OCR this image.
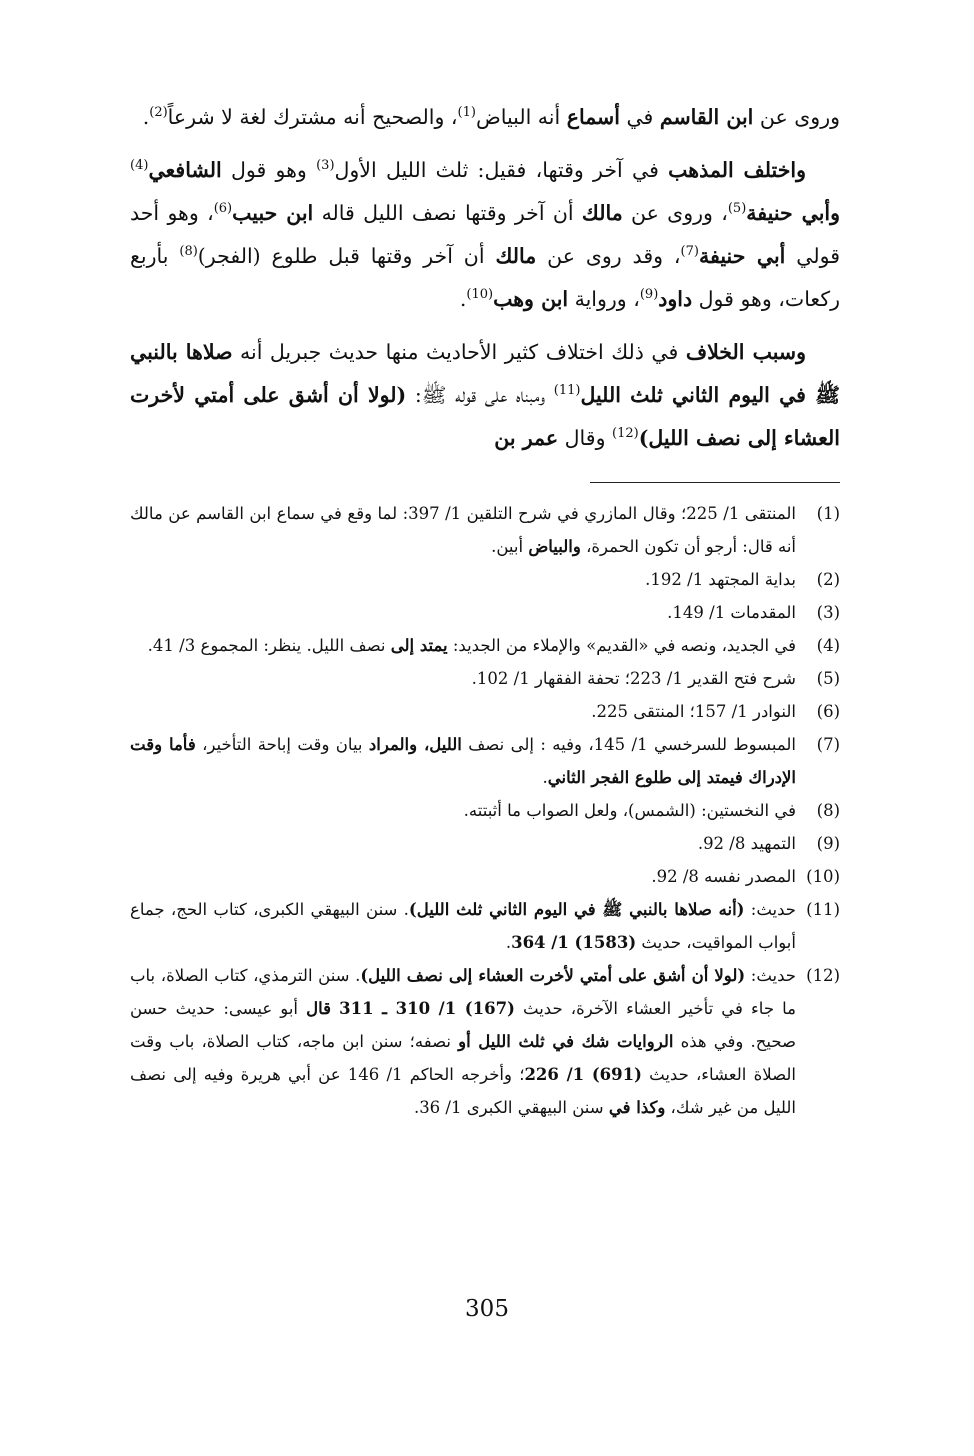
وروى عن ابن القاسم في أسماع أنه البياض$^{(1)}$، والصحيح أنه مشترك لغة لا شرعاً$^{(2)}$.

واختلف المذهب في آخر وقتها، فقيل: ثلث الليل الأول$^{(3)}$ وهو قول الشافعي$^{(4)}$ وأبي حنيفة$^{(5)}$، وروى عن مالك أن آخر وقتها نصف الليل قاله ابن حبيب$^{(6)}$، وهو أحد قولي أبي حنيفة$^{(7)}$، وقد روى عن مالك أن آخر وقتها قبل طلوع (الفجر)$^{(8)}$ بأربع ركعات، وهو قول داود$^{(9)}$، ورواية ابن وهب$^{(10)}$.

وسبب الخلاف في ذلك اختلاف كثير الأحاديث منها حديث جبريل أنه صلاها بالنبي ﷺ في اليوم الثاني ثلث الليل$^{(11)}$ ومبناه على قوله ﷺ: (لولا أن أشق على أمتي لأخرت العشاء إلى نصف الليل)$^{(12)}$ وقال عمر بن

(1)
المنتقى 1/ 225؛ وقال المازري في شرح التلقين 1/ 397: لما وقع في سماع ابن القاسم عن مالك أنه قال: أرجو أن تكون الحمرة، والبياض أبين.
(2)
بداية المجتهد 1/ 192.
(3)
المقدمات 1/ 149.
(4)
في الجديد، ونصه في «القديم» والإملاء من الجديد: يمتد إلى نصف الليل. ينظر: المجموع 3/ 41.
(5)
شرح فتح القدير 1/ 223؛ تحفة الفقهار 1/ 102.
(6)
النوادر 1/ 157؛ المنتقى 225.
(7)
المبسوط للسرخسي 1/ 145، وفيه : إلى نصف الليل، والمراد بيان وقت إباحة التأخير، فأما وقت الإدراك فيمتد إلى طلوع الفجر الثاني.
(8)
في النخستين: (الشمس)، ولعل الصواب ما أثبتته.
(9)
التمهيد 8/ 92.
(10)
المصدر نفسه 8/ 92.
(11)
حديث: (أنه صلاها بالنبي ﷺ في اليوم الثاني ثلث الليل). سنن البيهقي الكبرى، كتاب الحج، جماع أبواب المواقيت، حديث (1583) 1/ 364.
(12)
حديث: (لولا أن أشق على أمتي لأخرت العشاء إلى نصف الليل). سنن الترمذي، كتاب الصلاة، باب ما جاء في تأخير العشاء الآخرة، حديث (167) 1/ 310 ـ 311 قال أبو عيسى: حديث حسن صحيح. وفي هذه الروايات شك في ثلث الليل أو نصفه؛ سنن ابن ماجه، كتاب الصلاة، باب وقت الصلاة العشاء، حديث (691) 1/ 226؛ وأخرجه الحاكم 1/ 146 عن أبي هريرة وفيه إلى نصف الليل من غير شك، وكذا في سنن البيهقي الكبرى 1/ 36.
305
